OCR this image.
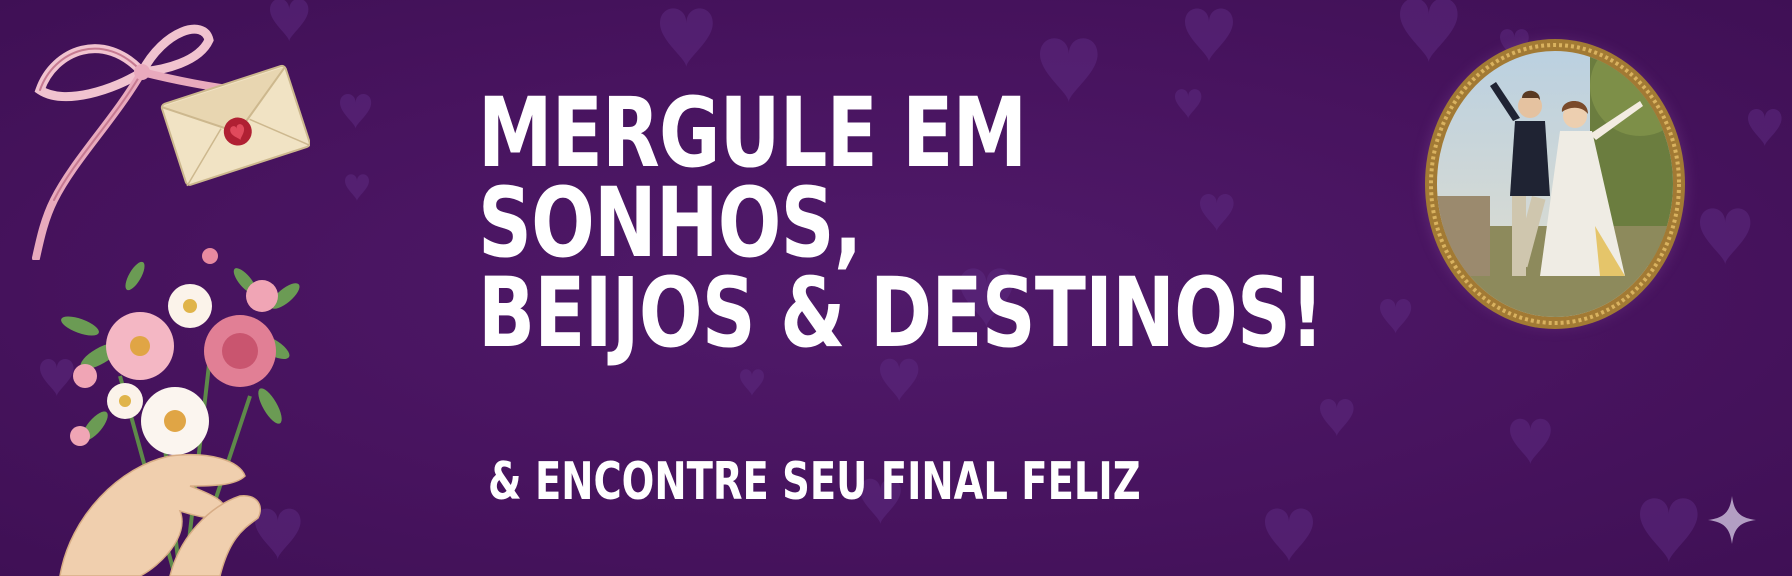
MERGULE EM
SONHOS,
BEIJOS & DESTINOS!
& ENCONTRE SEU FINAL FELIZ
